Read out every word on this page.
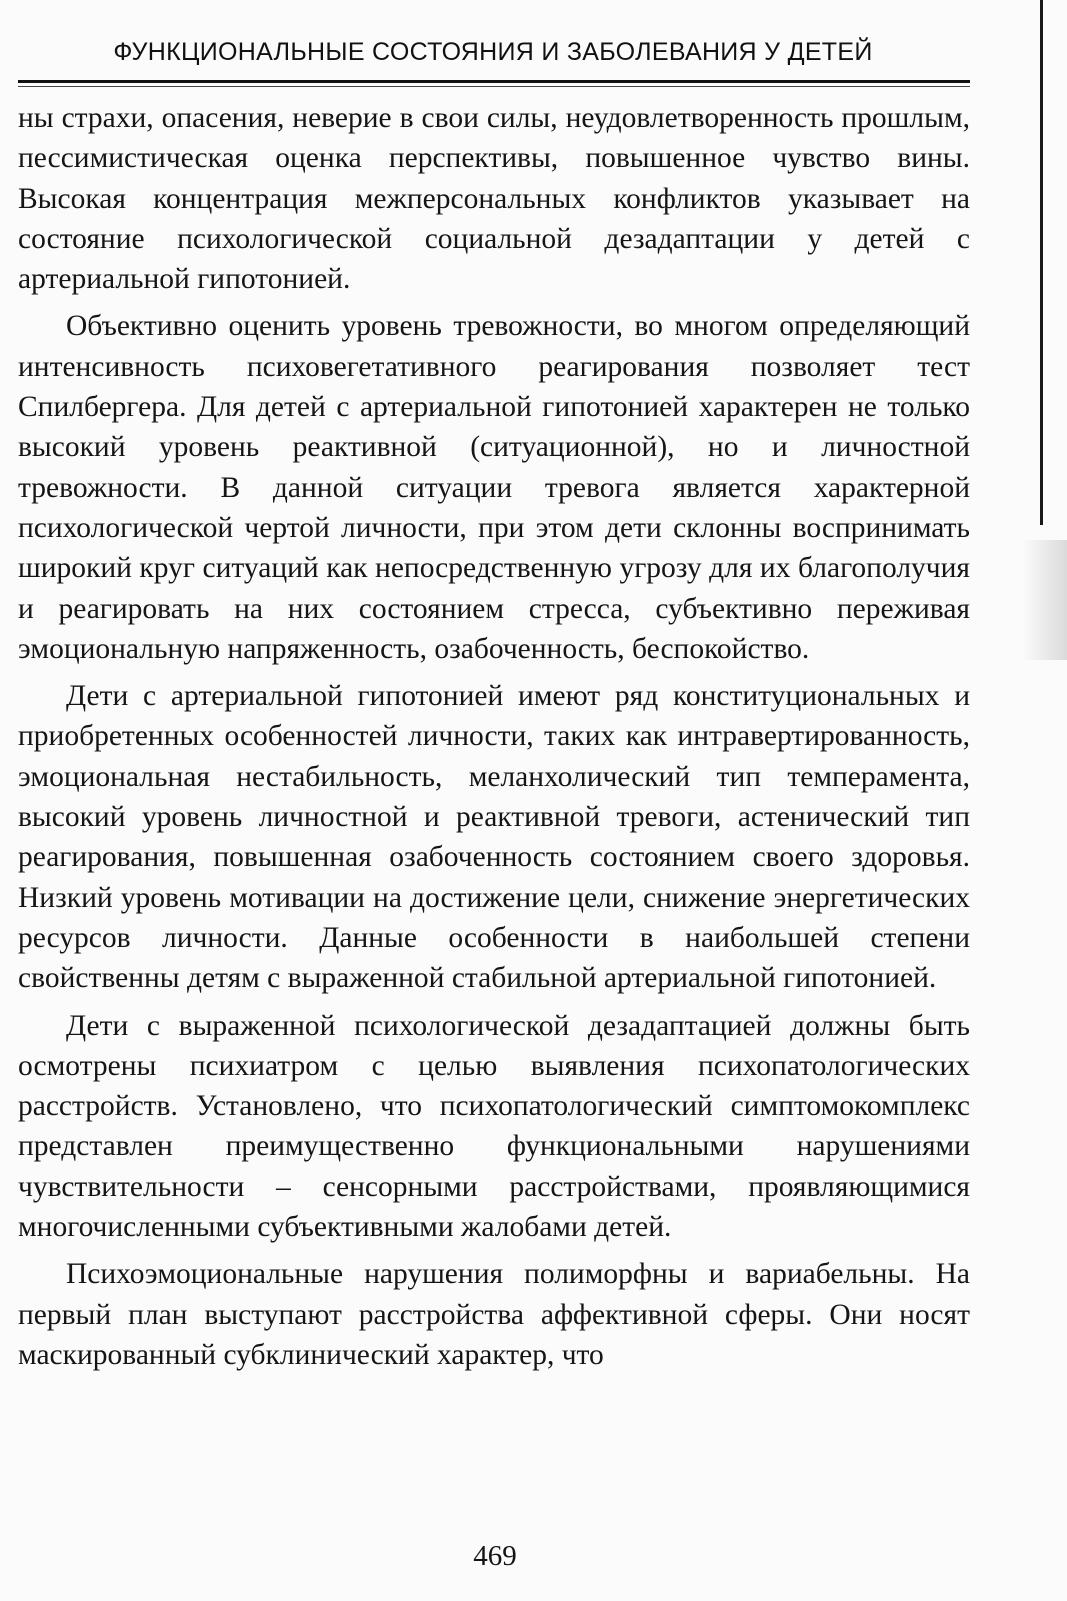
ФУНКЦИОНАЛЬНЫЕ СОСТОЯНИЯ И ЗАБОЛЕВАНИЯ У ДЕТЕЙ

ны страхи, опасения, неверие в свои силы, неудовлетворенность прошлым, пессимистическая оценка перспективы, повышенное чувство вины. Высокая концентрация межперсональных конфликтов указывает на состояние психологической социальной дезадаптации у детей с артериальной гипотонией.

Объективно оценить уровень тревожности, во многом определяющий интенсивность психовегетативного реагирования позволяет тест Спилбергера. Для детей с артериальной гипотонией характерен не только высокий уровень реактивной (ситуационной), но и личностной тревожности. В данной ситуации тревога является характерной психологической чертой личности, при этом дети склонны воспринимать широкий круг ситуаций как непосредственную угрозу для их благополучия и реагировать на них состоянием стресса, субъективно переживая эмоциональную напряженность, озабоченность, беспокойство.

Дети с артериальной гипотонией имеют ряд конституциональных и приобретенных особенностей личности, таких как интравертированность, эмоциональная нестабильность, меланхолический тип темперамента, высокий уровень личностной и реактивной тревоги, астенический тип реагирования, повышенная озабоченность состоянием своего здоровья. Низкий уровень мотивации на достижение цели, снижение энергетических ресурсов личности. Данные особенности в наибольшей степени свойственны детям с выраженной стабильной артериальной гипотонией.

Дети с выраженной психологической дезадаптацией должны быть осмотрены психиатром с целью выявления психопатологических расстройств. Установлено, что психопатологический симптомокомплекс представлен преимущественно функциональными нарушениями чувствительности – сенсорными расстройствами, проявляющимися многочисленными субъективными жалобами детей.

Психоэмоциональные нарушения полиморфны и вариабельны. На первый план выступают расстройства аффективной сферы. Они носят маскированный субклинический характер, что

469
